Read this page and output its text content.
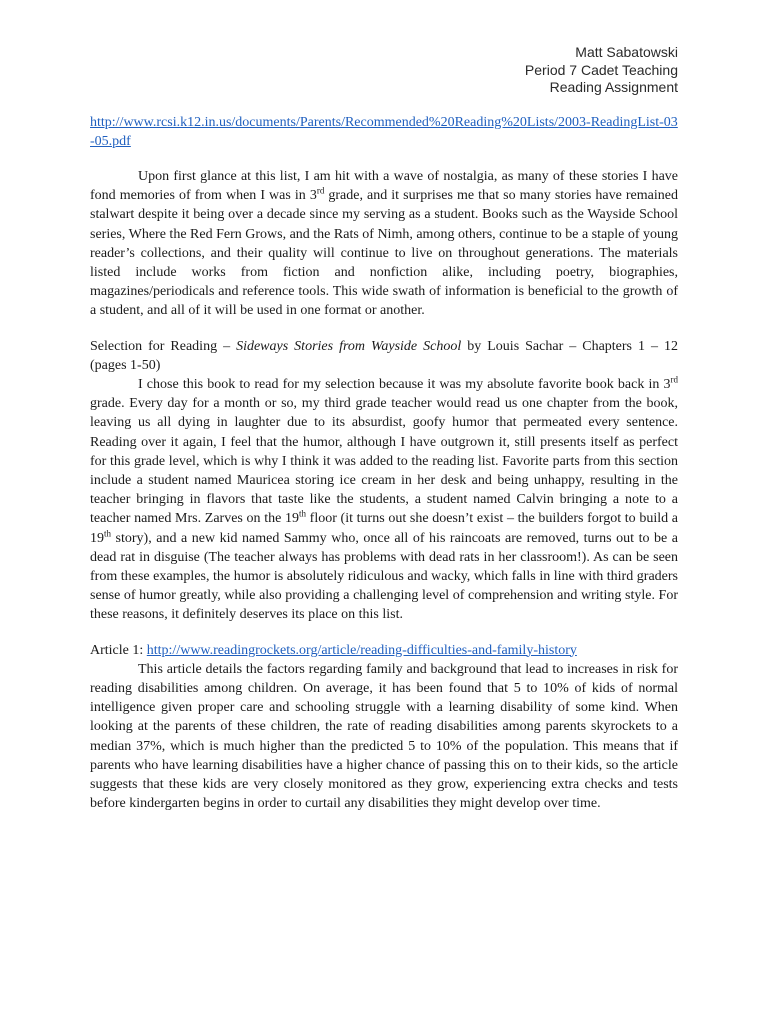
Matt Sabatowski
Period 7 Cadet Teaching
Reading Assignment
http://www.rcsi.k12.in.us/documents/Parents/Recommended%20Reading%20Lists/2003-ReadingList-03-05.pdf

Upon first glance at this list, I am hit with a wave of nostalgia, as many of these stories I have fond memories of from when I was in 3rd grade, and it surprises me that so many stories have remained stalwart despite it being over a decade since my serving as a student. Books such as the Wayside School series, Where the Red Fern Grows, and the Rats of Nimh, among others, continue to be a staple of young reader’s collections, and their quality will continue to live on throughout generations. The materials listed include works from fiction and nonfiction alike, including poetry, biographies, magazines/periodicals and reference tools. This wide swath of information is beneficial to the growth of a student, and all of it will be used in one format or another.

Selection for Reading – Sideways Stories from Wayside School by Louis Sachar – Chapters 1 – 12 (pages 1-50)

I chose this book to read for my selection because it was my absolute favorite book back in 3rd grade. Every day for a month or so, my third grade teacher would read us one chapter from the book, leaving us all dying in laughter due to its absurdist, goofy humor that permeated every sentence. Reading over it again, I feel that the humor, although I have outgrown it, still presents itself as perfect for this grade level, which is why I think it was added to the reading list. Favorite parts from this section include a student named Mauricea storing ice cream in her desk and being unhappy, resulting in the teacher bringing in flavors that taste like the students, a student named Calvin bringing a note to a teacher named Mrs. Zarves on the 19th floor (it turns out she doesn’t exist – the builders forgot to build a 19th story), and a new kid named Sammy who, once all of his raincoats are removed, turns out to be a dead rat in disguise (The teacher always has problems with dead rats in her classroom!). As can be seen from these examples, the humor is absolutely ridiculous and wacky, which falls in line with third graders sense of humor greatly, while also providing a challenging level of comprehension and writing style. For these reasons, it definitely deserves its place on this list.

Article 1: http://www.readingrockets.org/article/reading-difficulties-and-family-history

This article details the factors regarding family and background that lead to increases in risk for reading disabilities among children. On average, it has been found that 5 to 10% of kids of normal intelligence given proper care and schooling struggle with a learning disability of some kind. When looking at the parents of these children, the rate of reading disabilities among parents skyrockets to a median 37%, which is much higher than the predicted 5 to 10% of the population. This means that if parents who have learning disabilities have a higher chance of passing this on to their kids, so the article suggests that these kids are very closely monitored as they grow, experiencing extra checks and tests before kindergarten begins in order to curtail any disabilities they might develop over time.
